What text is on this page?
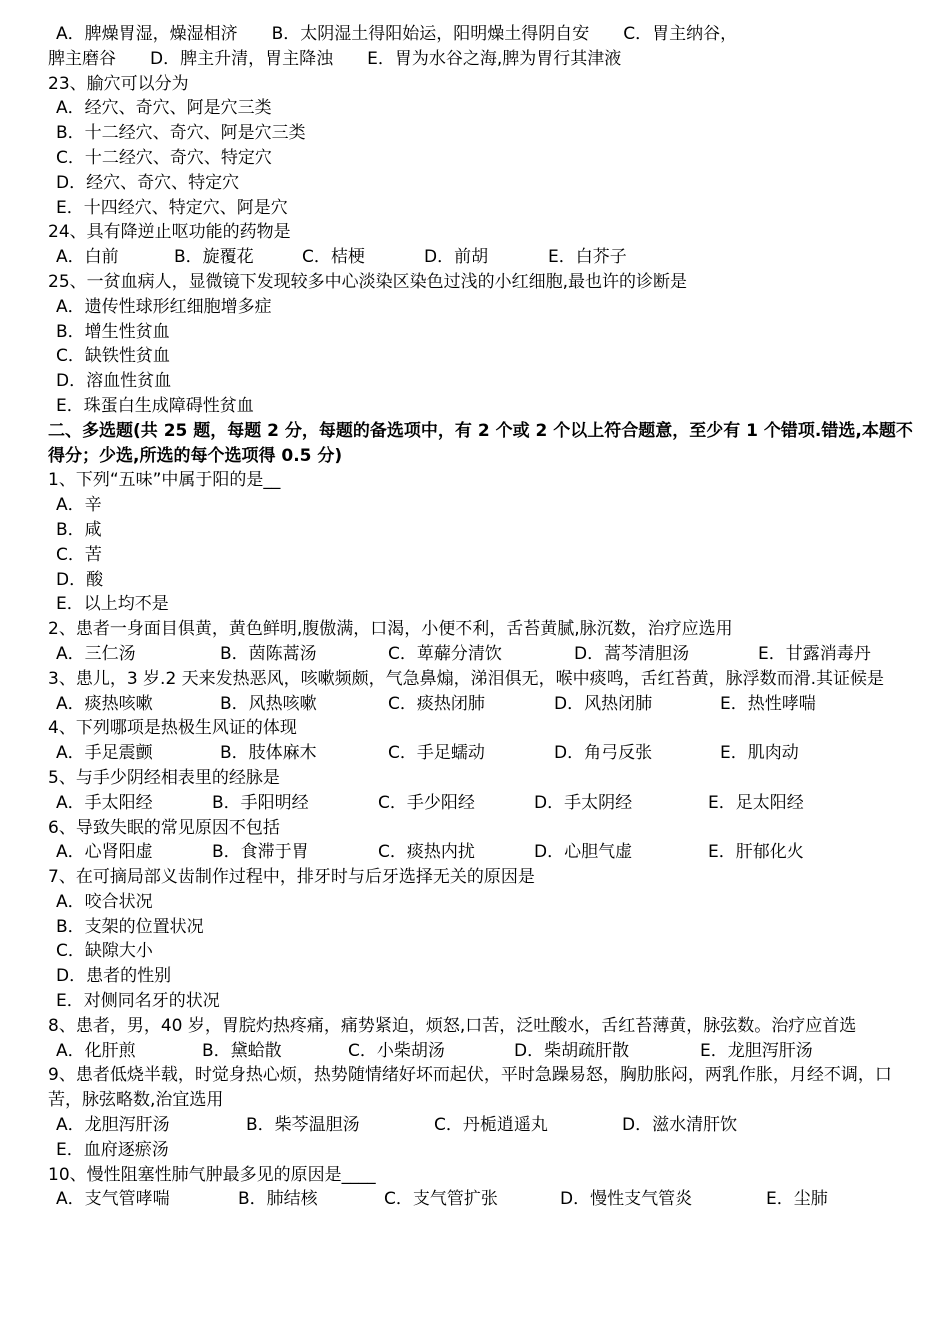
A．脾燥胃湿，燥湿相济　　B．太阴湿土得阳始运，阳明燥土得阴自安　　C．胃主纳谷，
脾主磨谷　　D．脾主升清，胃主降浊　　E．胃为水谷之海,脾为胃行其津液
23、腧穴可以分为
A．经穴、奇穴、阿是穴三类
B．十二经穴、奇穴、阿是穴三类
C．十二经穴、奇穴、特定穴
D．经穴、奇穴、特定穴
E．十四经穴、特定穴、阿是穴
24、具有降逆止呕功能的药物是
A．白前	B．旋覆花	C．桔梗	D．前胡	E．白芥子
25、一贫血病人，显微镜下发现较多中心淡染区染色过浅的小红细胞,最也许的诊断是
A．遗传性球形红细胞增多症
B．增生性贫血
C．缺铁性贫血
D．溶血性贫血
E．珠蛋白生成障碍性贫血
二、多选题(共 25 题，每题 2 分，每题的备选项中，有 2 个或 2 个以上符合题意，至少有 1 个错项.错选,本题不得分；少选,所选的每个选项得 0.5 分)
1、下列“五味”中属于阳的是__
A．辛
B．咸
C．苦
D．酸
E．以上均不是
2、患者一身面目俱黄，黄色鲜明,腹傲满，口渴，小便不利，舌苔黄腻,脉沉数，治疗应选用
A．三仁汤	B．茵陈蒿汤	C．萆薢分清饮	D．蒿芩清胆汤	E．甘露消毒丹
3、患儿，3 岁.2 天来发热恶风，咳嗽频颇，气急鼻煽，涕泪俱无，喉中痰鸣，舌红苔黄，脉浮数而滑.其证候是
A．痰热咳嗽	B．风热咳嗽	C．痰热闭肺	D．风热闭肺	E．热性哮喘
4、下列哪项是热极生风证的体现
A．手足震颤	B．肢体麻木	C．手足蠕动	D．角弓反张	E．肌肉动
5、与手少阴经相表里的经脉是
A．手太阳经	B．手阳明经	C．手少阳经	D．手太阴经	E．足太阳经
6、导致失眠的常见原因不包括
A．心肾阳虚	B．食滞于胃	C．痰热内扰	D．心胆气虚	E．肝郁化火
7、在可摘局部义齿制作过程中，排牙时与后牙选择无关的原因是
A．咬合状况
B．支架的位置状况
C．缺隙大小
D．患者的性别
E．对侧同名牙的状况
8、患者，男，40 岁，胃脘灼热疼痛，痛势紧迫，烦怒,口苦，泛吐酸水，舌红苔薄黄，脉弦数。治疗应首选
A．化肝煎	B．黛蛤散	C．小柴胡汤	D．柴胡疏肝散	E．龙胆泻肝汤
9、患者低烧半载，时觉身热心烦，热势随情绪好坏而起伏，平时急躁易怒，胸肋胀闷，两乳作胀，月经不调，口苦，脉弦略数,治宜选用
A．龙胆泻肝汤	B．柴芩温胆汤	C．丹栀逍遥丸	D．滋水清肝饮E．血府逐瘀汤
10、慢性阻塞性肺气肿最多见的原因是____
A．支气管哮喘	B．肺结核	C．支气管扩张	D．慢性支气管炎	E．尘肺
